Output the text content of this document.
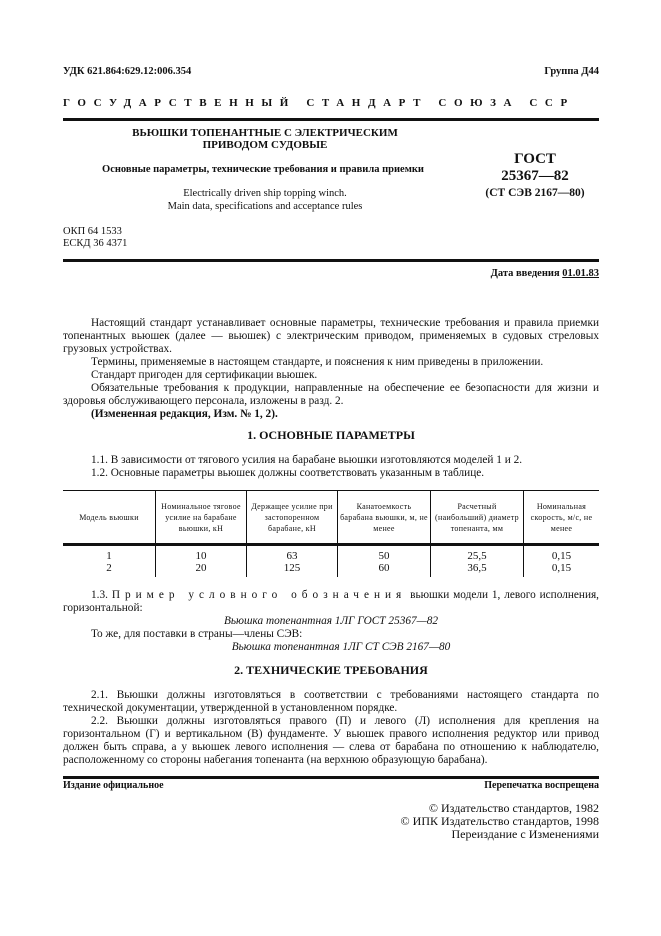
УДК 621.864:629.12:006.354	Группа Д44
ГОСУДАРСТВЕННЫЙ СТАНДАРТ СОЮЗА ССР
ВЬЮШКИ ТОПЕНАНТНЫЕ С ЭЛЕКТРИЧЕСКИМ
ПРИВОДОМ СУДОВЫЕ
Основные параметры, технические требования и правила приемки
Electrically driven ship topping winch.
Main data, specifications and acceptance rules
ГОСТ
25367—82
(СТ СЭВ 2167—80)
ОКП 64 1533
ЕСКД 36 4371
Дата введения 01.01.83
Настоящий стандарт устанавливает основные параметры, технические требования и правила приемки топенантных вьюшек (далее — вьюшек) с электрическим приводом, применяемых в судовых стреловых грузовых устройствах.
Термины, применяемые в настоящем стандарте, и пояснения к ним приведены в приложении.
Стандарт пригоден для сертификации вьюшек.
Обязательные требования к продукции, направленные на обеспечение ее безопасности для жизни и здоровья обслуживающего персонала, изложены в разд. 2.
(Измененная редакция, Изм. № 1, 2).
1. ОСНОВНЫЕ ПАРАМЕТРЫ
1.1. В зависимости от тягового усилия на барабане вьюшки изготовляются моделей 1 и 2.
1.2. Основные параметры вьюшек должны соответствовать указанным в таблице.
Модель вьюшки	Номинальное тяговое усилие на барабане вьюшки, кН	Держащее усилие при застопоренном барабане, кН	Канатоемкость барабана вьюшки, м, не менее	Расчетный (наибольший) диаметр топенанта, мм	Номинальная скорость, м/с, не менее
1	10	63	50	25,5	0,15
2	20	125	60	36,5	0,15
1.3. Пример условного обозначения вьюшки модели 1, левого исполнения, горизонтальной:
Вьюшка топенантная 1ЛГ ГОСТ 25367—82
То же, для поставки в страны—члены СЭВ:
Вьюшка топенантная 1ЛГ СТ СЭВ 2167—80
2. ТЕХНИЧЕСКИЕ ТРЕБОВАНИЯ
2.1. Вьюшки должны изготовляться в соответствии с требованиями настоящего стандарта по технической документации, утвержденной в установленном порядке.
2.2. Вьюшки должны изготовляться правого (П) и левого (Л) исполнения для крепления на горизонтальном (Г) и вертикальном (В) фундаменте. У вьюшек правого исполнения редуктор или привод должен быть справа, а у вьюшек левого исполнения — слева от барабана по отношению к наблюдателю, расположенному со стороны набегания топенанта (на верхнюю образующую барабана).
Издание официальное	Перепечатка воспрещена
© Издательство стандартов, 1982
© ИПК Издательство стандартов, 1998
Переиздание с Изменениями
